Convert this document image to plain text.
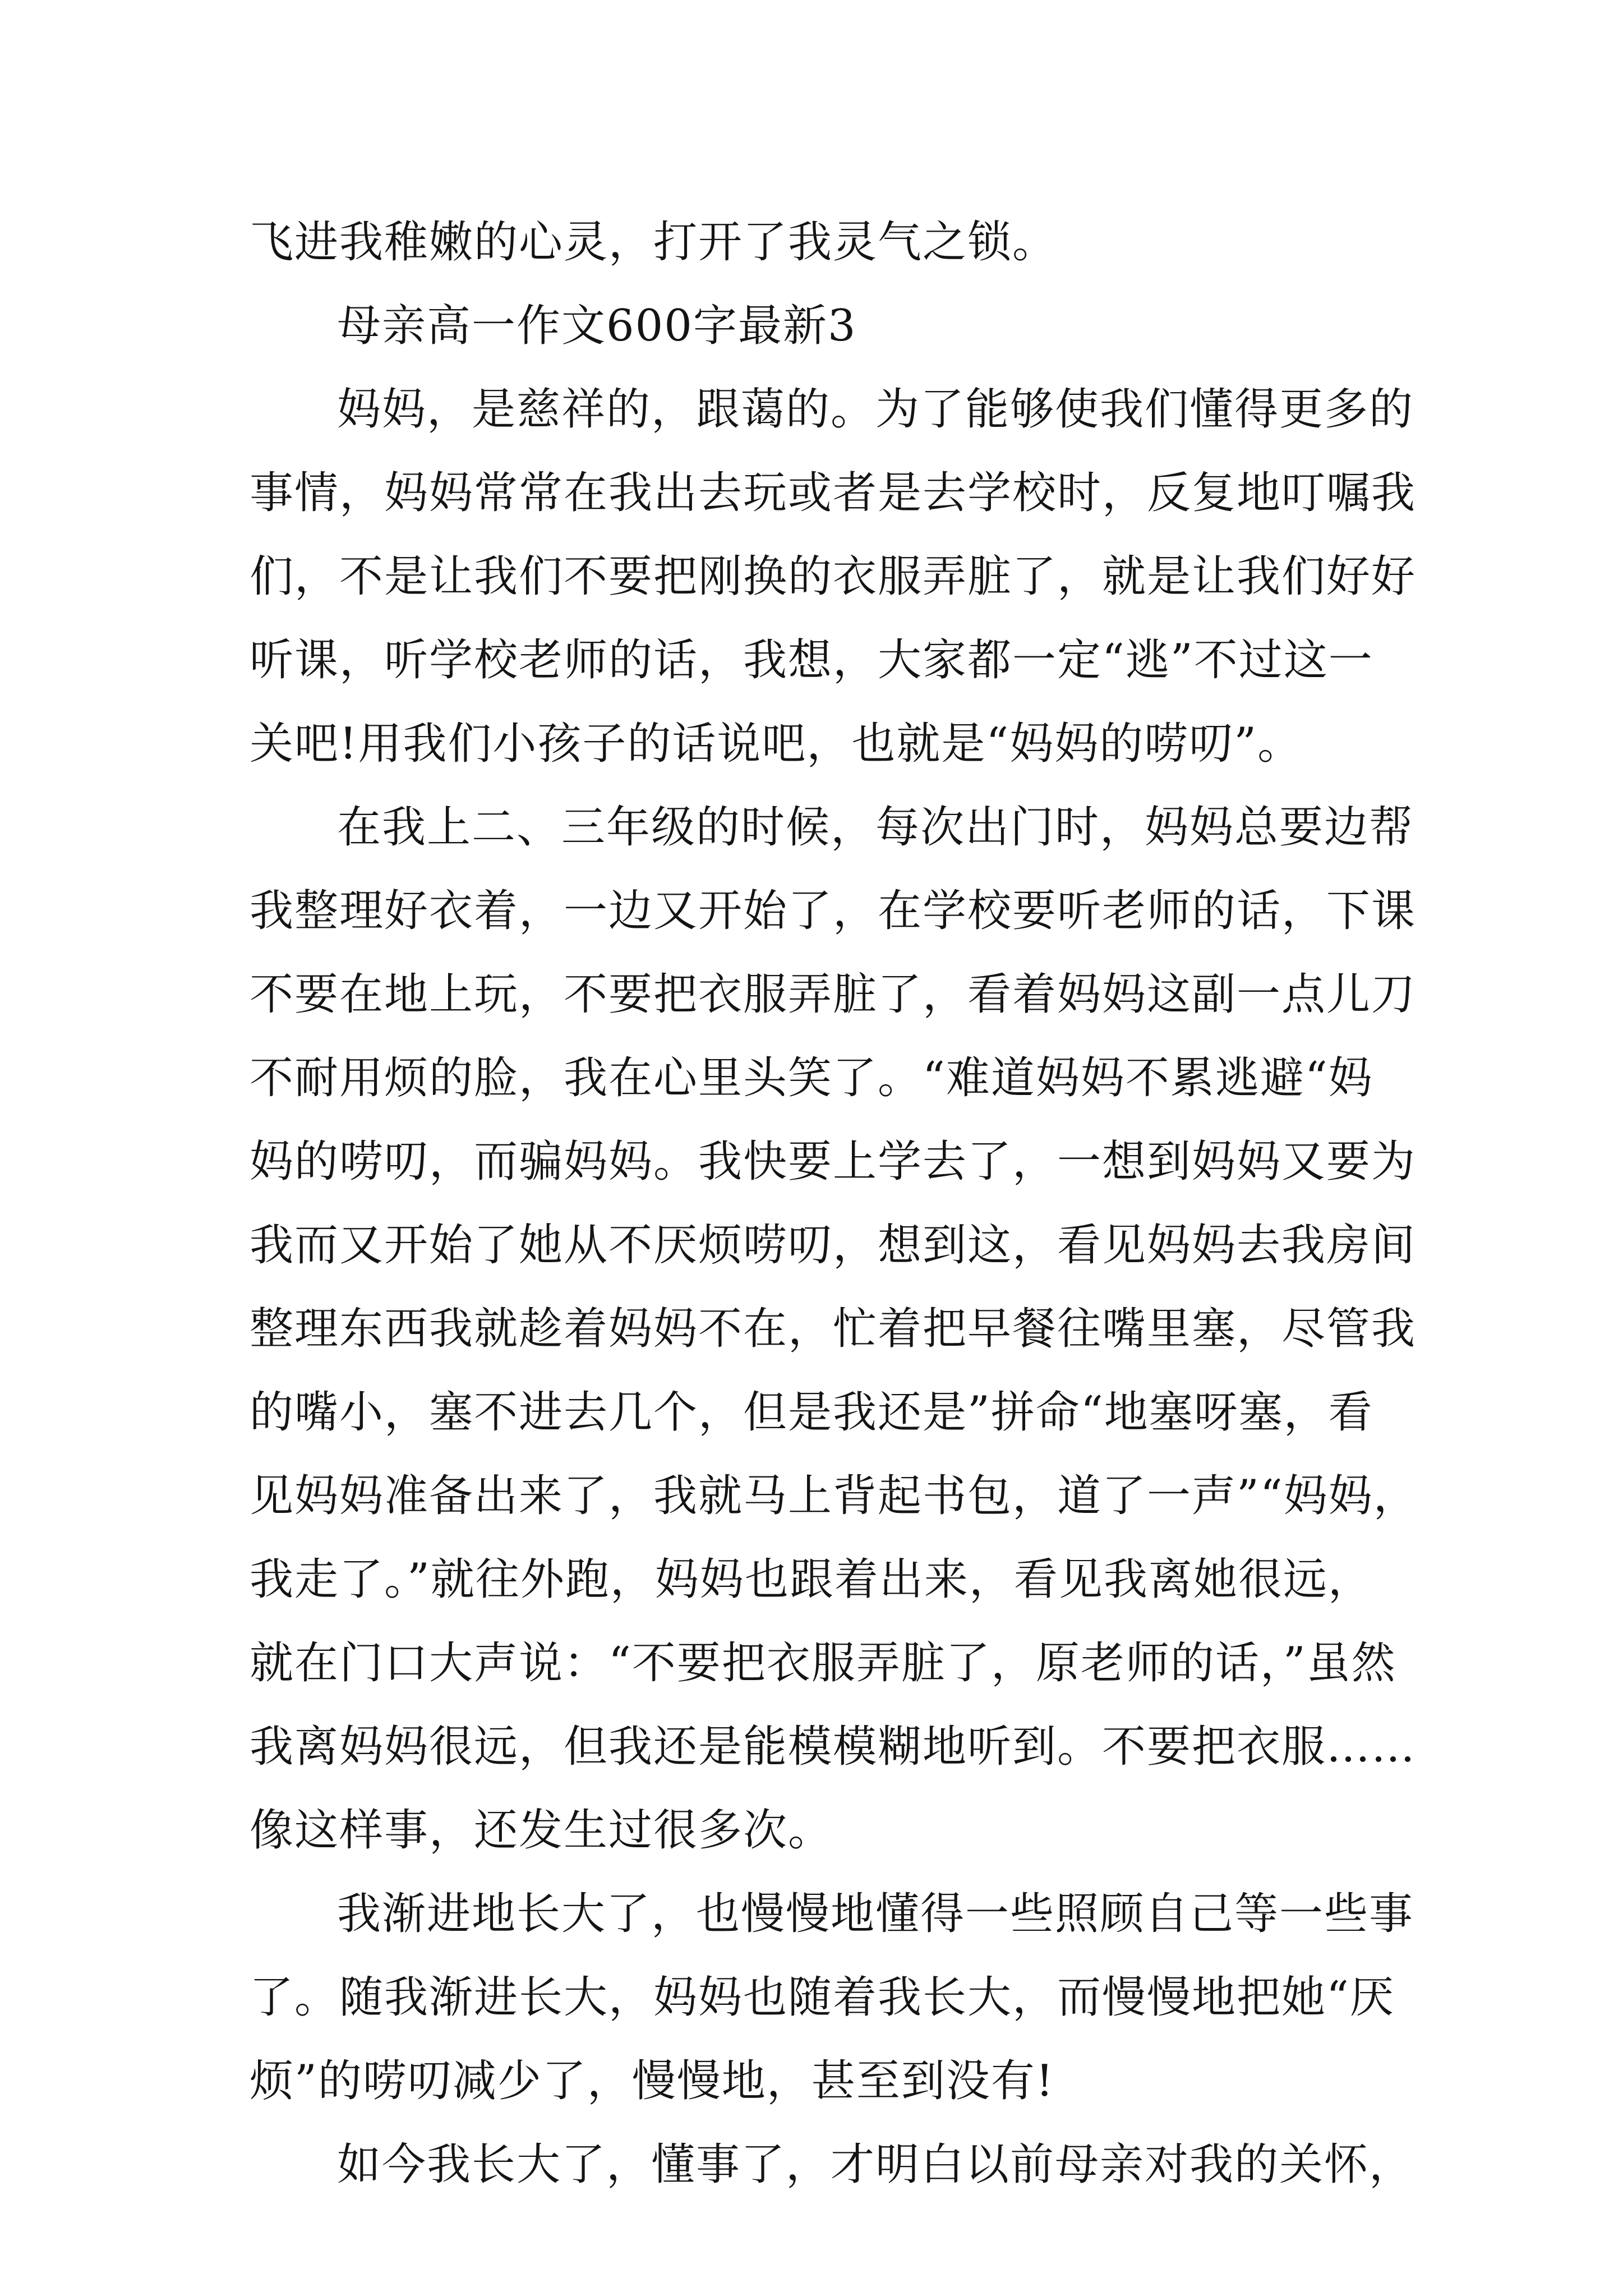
飞进我稚嫩的心灵，打开了我灵气之锁。

母亲高一作文600字最新3

妈妈，是慈祥的，跟蔼的。为了能够使我们懂得更多的

事情，妈妈常常在我出去玩或者是去学校时，反复地叮嘱我

们，不是让我们不要把刚换的衣服弄脏了，就是让我们好好

听课，听学校老师的话，我想，大家都一定“逃”不过这一

关吧!用我们小孩子的话说吧，也就是“妈妈的唠叨”。

在我上二、三年级的时候，每次出门时，妈妈总要边帮

我整理好衣着，一边又开始了，在学校要听老师的话，下课

不要在地上玩，不要把衣服弄脏了，看着妈妈这副一点儿刀

不耐用烦的脸，我在心里头笑了。“难道妈妈不累逃避“妈

妈的唠叨，而骗妈妈。我快要上学去了，一想到妈妈又要为

我而又开始了她从不厌烦唠叨，想到这，看见妈妈去我房间

整理东西我就趁着妈妈不在，忙着把早餐往嘴里塞，尽管我

的嘴小，塞不进去几个，但是我还是”拼命“地塞呀塞，看

见妈妈准备出来了，我就马上背起书包，道了一声”“妈妈，

我走了。”就往外跑，妈妈也跟着出来，看见我离她很远，

就在门口大声说：“不要把衣服弄脏了，原老师的话，”虽然

我离妈妈很远，但我还是能模模糊地听到。不要把衣服……

像这样事，还发生过很多次。

我渐进地长大了，也慢慢地懂得一些照顾自己等一些事

了。随我渐进长大，妈妈也随着我长大，而慢慢地把她“厌

烦”的唠叨减少了，慢慢地，甚至到没有!

如今我长大了，懂事了，才明白以前母亲对我的关怀，
